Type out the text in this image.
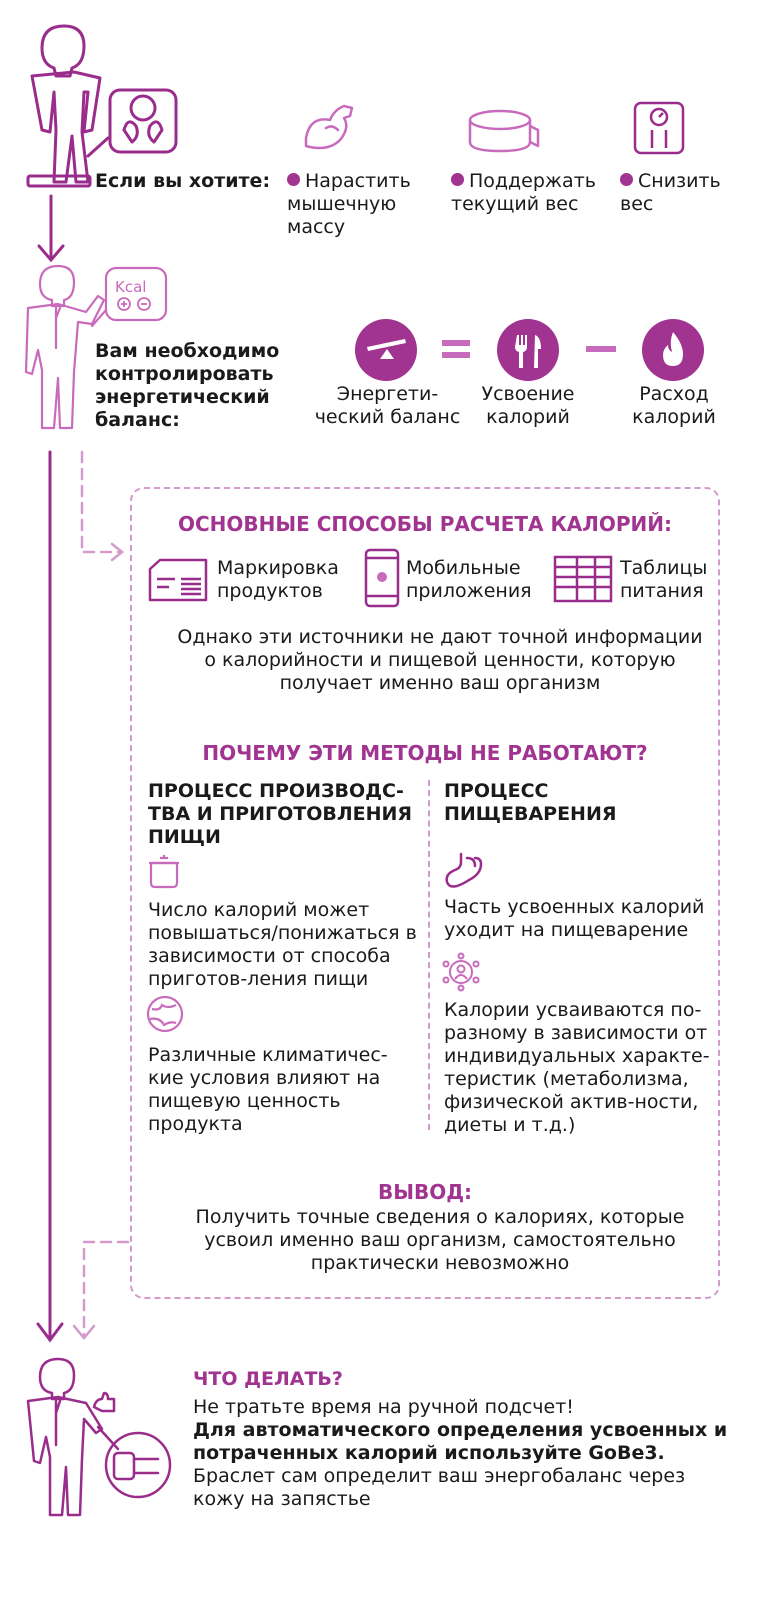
Если вы хотите:	Нарастить мышечную массу
Поддержать текущий вес
Снизить вес
Kcal
Вам необходимо контролировать энергетический баланс:
Энергети-ческий баланс
Усвоение калорий
Расход калорий
ОСНОВНЫЕ СПОСОБЫ РАСЧЕТА КАЛОРИЙ:
Маркировка продуктов
Мобильные приложения
Таблицы питания
Однако эти источники не дают точной информации о калорийности и пищевой ценности, которую получает именно ваш организм
ПОЧЕМУ ЭТИ МЕТОДЫ НЕ РАБОТАЮТ?
ПРОЦЕСС ПРОИЗВОДС-ТВА И ПРИГОТОВЛЕНИЯ ПИЩИ
ПРОЦЕСС ПИЩЕВАРЕНИЯ
Число калорий может повышаться/понижаться в зависимости от способа приготов-ления пищи
Различные климатичес-кие условия влияют на пищевую ценность продукта
Часть усвоенных калорий уходит на пищеварение
Калории усваиваются по-разному в зависимости от индивидуальных характе-теристик (метаболизма, физической актив-ности, диеты и т.д.)
ВЫВОД:
Получить точные сведения о калориях, которые усвоил именно ваш организм, самостоятельно практически невозможно
ЧТО ДЕЛАТЬ?
Не тратьте время на ручной подсчет!
Для автоматического определения усвоенных и потраченных калорий используйте GoBe3.
Браслет сам определит ваш энергобаланс через кожу на запястье
